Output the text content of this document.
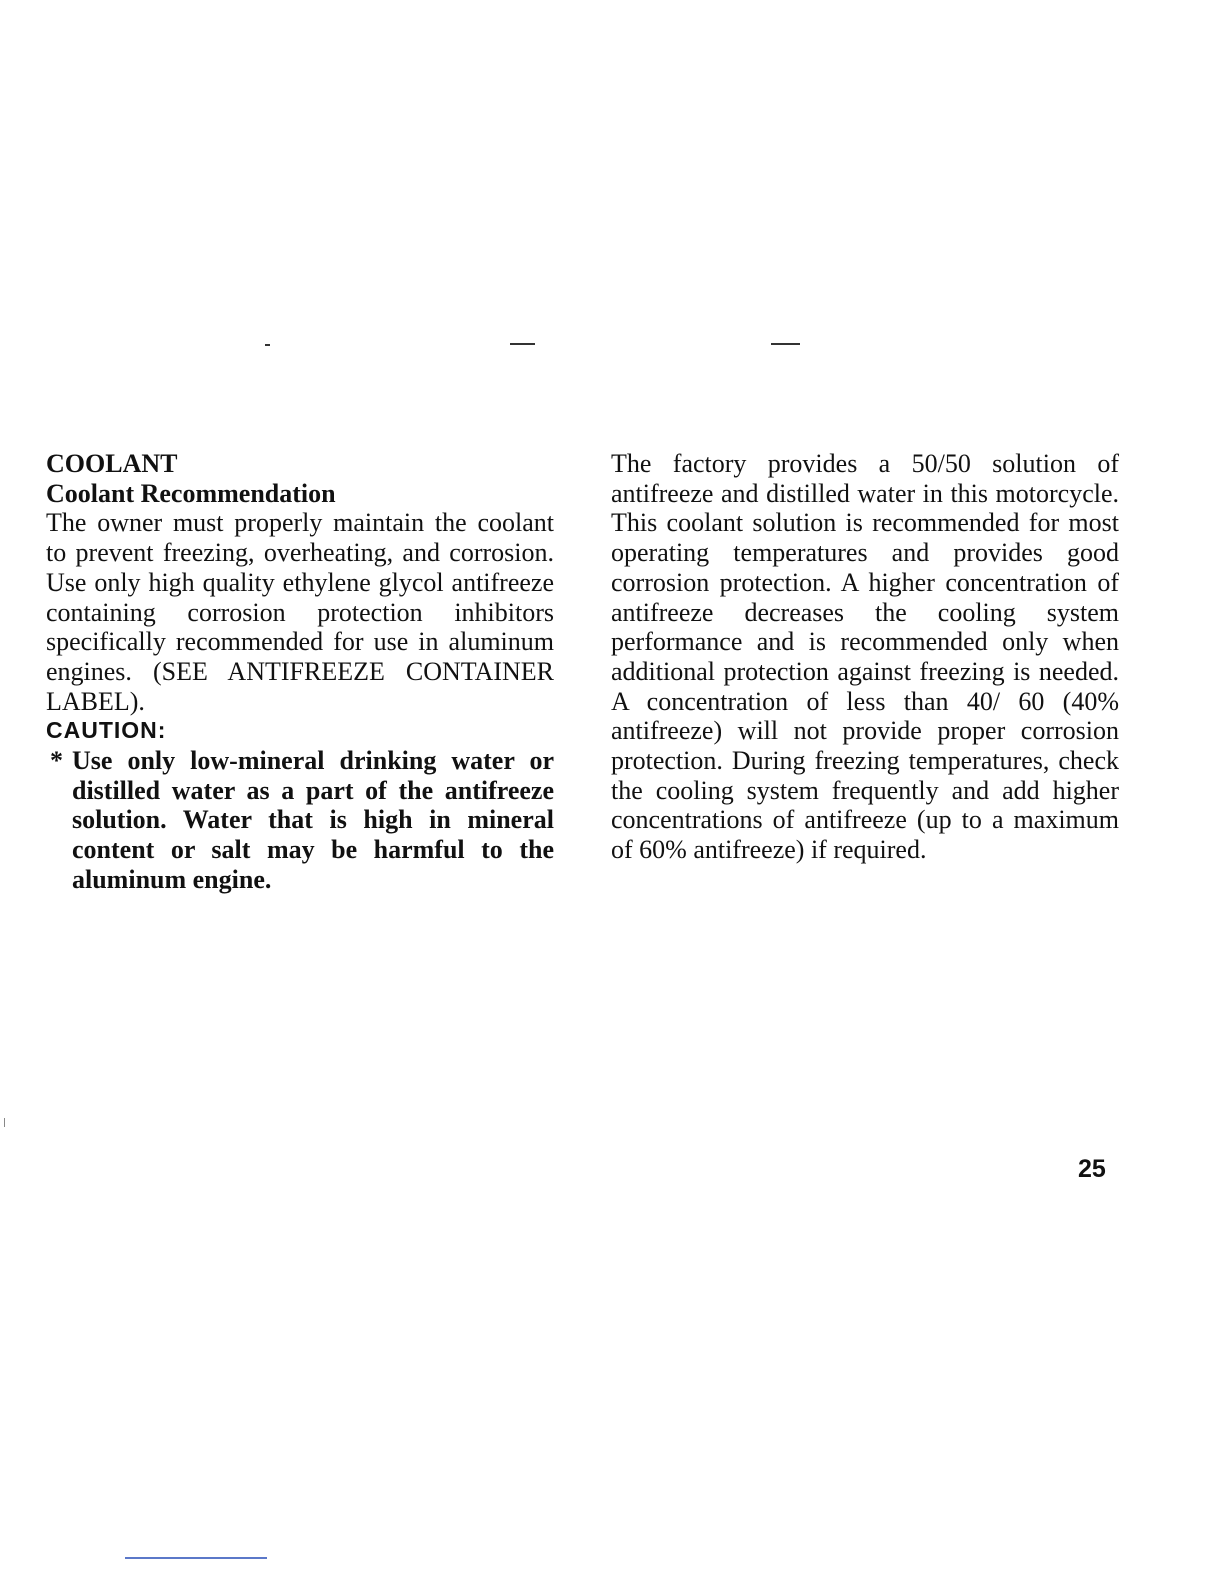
COOLANT

Coolant Recommendation

The owner must properly maintain the coolant to prevent freezing, overheating, and corrosion. Use only high quality ethylene glycol antifreeze containing corrosion protection inhibitors specifically recommended for use in aluminum engines. (SEE ANTIFREEZE CONTAINER LABEL).

CAUTION:

* Use only low-mineral drinking water or distilled water as a part of the antifreeze solution. Water that is high in mineral content or salt may be harmful to the aluminum engine.

The factory provides a 50/50 solution of antifreeze and distilled water in this motorcycle. This coolant solution is recommended for most operating temperatures and provides good corrosion protection. A higher concentration of antifreeze decreases the cooling system performance and is recommended only when additional protection against freezing is needed. A concentration of less than 40/ 60 (40% antifreeze) will not provide proper corrosion protection. During freezing temperatures, check the cooling system frequently and add higher concentrations of antifreeze (up to a maximum of 60% antifreeze) if required.

25
